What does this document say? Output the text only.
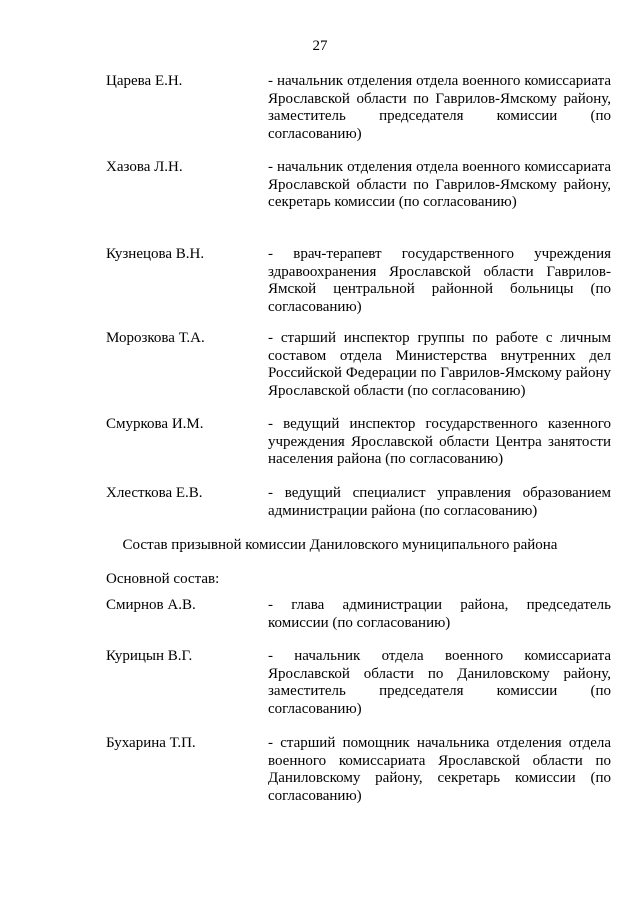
27
Царева Е.Н.	- начальник отделения отдела военного комиссариата Ярославской области по Гаврилов-Ямскому району, заместитель председателя комиссии (по согласованию)
Хазова Л.Н.	- начальник отделения отдела военного комиссариата Ярославской области по Гаврилов-Ямскому району, секретарь комиссии (по согласованию)
Кузнецова В.Н.	- врач-терапевт государственного учреждения здравоохранения Ярославской области Гаврилов-Ямской центральной районной больницы (по согласованию)
Морозкова Т.А.	- старший инспектор группы по работе с личным составом отдела Министерства внутренних дел Российской Федерации по Гаврилов-Ямскому району Ярославской области (по согласованию)
Смуркова И.М.	- ведущий инспектор государственного казенного учреждения Ярославской области Центра занятости населения района (по согласованию)
Хлесткова Е.В.	- ведущий специалист управления образованием администрации района (по согласованию)
Состав призывной комиссии Даниловского муниципального района
Основной состав:
Смирнов А.В.	- глава администрации района, председатель комиссии (по согласованию)
Курицын В.Г.	- начальник отдела военного комиссариата Ярославской области по Даниловскому району, заместитель председателя комиссии (по согласованию)
Бухарина Т.П.	- старший помощник начальника отделения отдела военного комиссариата Ярославской области по Даниловскому району, секретарь комиссии (по согласованию)
